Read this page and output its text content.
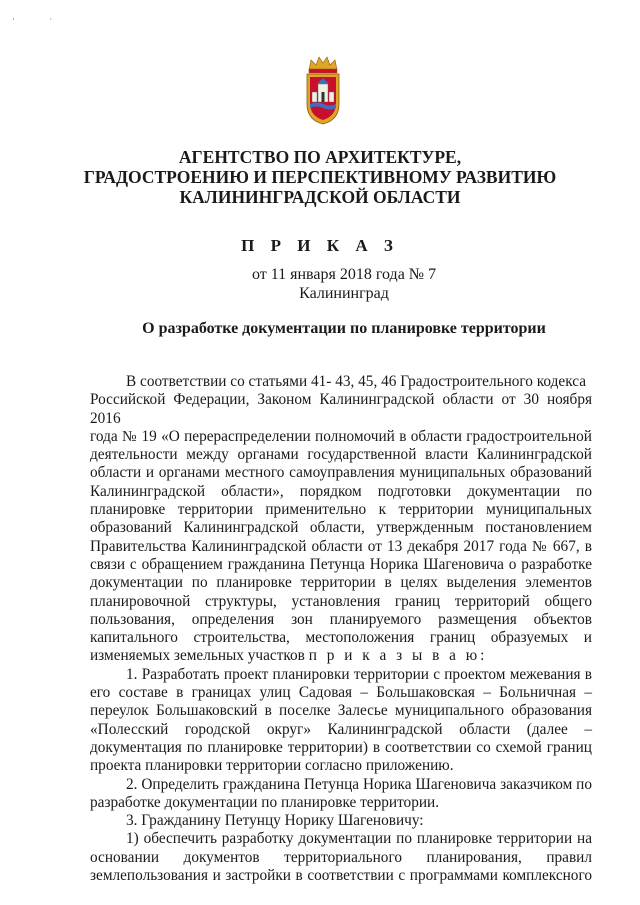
· ·
АГЕНТСТВО ПО АРХИТЕКТУРЕ,
ГРАДОСТРОЕНИЮ И ПЕРСПЕКТИВНОМУ РАЗВИТИЮ
КАЛИНИНГРАДСКОЙ ОБЛАСТИ
П Р И К А З
от 11 января 2018 года № 7
Калининград
О разработке документации по планировке территории
В соответствии со статьями 41- 43, 45, 46 Градостроительного кодекса
Российской Федерации, Законом Калининградской области от 30 ноября 2016
года № 19 «О перераспределении полномочий в области градостроительной
деятельности между органами государственной власти Калининградской
области и органами местного самоуправления муниципальных образований
Калининградской области», порядком подготовки документации по
планировке территории применительно к территории муниципальных
образований Калининградской области, утвержденным постановлением
Правительства Калининградской области от 13 декабря 2017 года № 667, в
связи с обращением гражданина Петунца Норика Шагеновича о разработке
документации по планировке территории в целях выделения элементов
планировочной структуры, установления границ территорий общего
пользования, определения зон планируемого размещения объектов
капитального строительства, местоположения границ образуемых и
изменяемых земельных участков п р и к а з ы в а ю:
1. Разработать проект планировки территории с проектом межевания в
его составе в границах улиц Садовая – Большаковская – Больничная –
переулок Большаковский в поселке Залесье муниципального образования
«Полесский городской округ» Калининградской области (далее –
документация по планировке территории) в соответствии со схемой границ
проекта планировки территории согласно приложению.
2. Определить гражданина Петунца Норика Шагеновича заказчиком по
разработке документации по планировке территории.
3. Гражданину Петунцу Норику Шагеновичу:
1) обеспечить разработку документации по планировке территории на
основании документов территориального планирования, правил
землепользования и застройки в соответствии с программами комплексного
